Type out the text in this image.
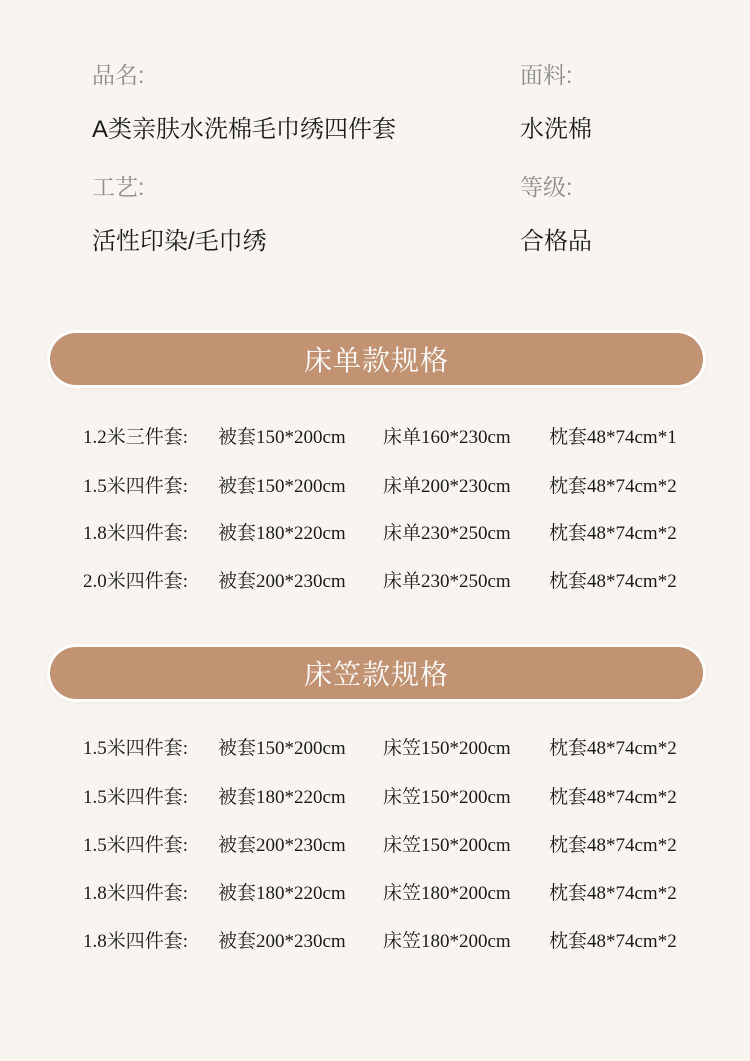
品名:
A类亲肤水洗棉毛巾绣四件套
面料:
水洗棉
工艺:
活性印染/毛巾绣
等级:
合格品
床单款规格
1.2米三件套: 被套150*200cm 床单160*230cm 枕套48*74cm*1
1.5米四件套: 被套150*200cm 床单200*230cm 枕套48*74cm*2
1.8米四件套: 被套180*220cm 床单230*250cm 枕套48*74cm*2
2.0米四件套: 被套200*230cm 床单230*250cm 枕套48*74cm*2
床笠款规格
1.5米四件套: 被套150*200cm 床笠150*200cm 枕套48*74cm*2
1.5米四件套: 被套180*220cm 床笠150*200cm 枕套48*74cm*2
1.5米四件套: 被套200*230cm 床笠150*200cm 枕套48*74cm*2
1.8米四件套: 被套180*220cm 床笠180*200cm 枕套48*74cm*2
1.8米四件套: 被套200*230cm 床笠180*200cm 枕套48*74cm*2
